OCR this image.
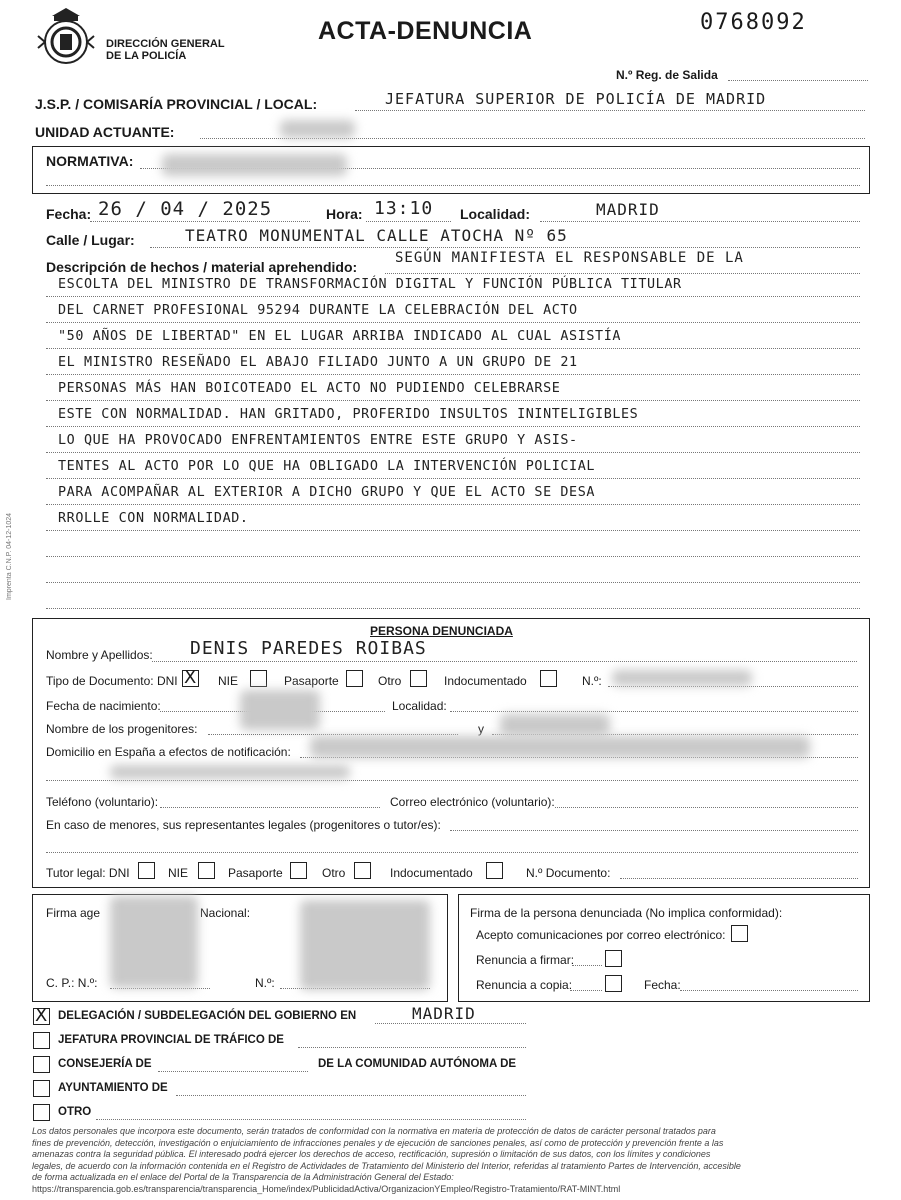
DIRECCIÓN GENERAL
DE LA POLICÍA
ACTA-DENUNCIA	0768092
N.º Reg. de Salida
J.S.P. / COMISARÍA PROVINCIAL / LOCAL:	JEFATURA SUPERIOR DE POLICÍA DE MADRID
UNIDAD ACTUANTE:
NORMATIVA:
Fecha: 26 / 04 / 2025	Hora: 13:10 Localidad:	MADRID
Calle / Lugar:	TEATRO MONUMENTAL CALLE ATOCHA Nº 65
Descripción de hechos / material aprehendido:
SEGÚN MANIFIESTA EL RESPONSABLE DE LA
ESCOLTA DEL MINISTRO DE TRANSFORMACIÓN DIGITAL Y FUNCIÓN PÚBLICA TITULAR
DEL CARNET PROFESIONAL 95294 DURANTE LA CELEBRACIÓN DEL ACTO
"50 AÑOS DE LIBERTAD" EN EL LUGAR ARRIBA INDICADO AL CUAL ASISTÍA
EL MINISTRO RESEÑADO EL ABAJO FILIADO JUNTO A UN GRUPO DE 21
PERSONAS MÁS HAN BOICOTEADO EL ACTO NO PUDIENDO CELEBRARSE
ESTE CON NORMALIDAD. HAN GRITADO, PROFERIDO INSULTOS ININTELIGIBLES
LO QUE HA PROVOCADO ENFRENTAMIENTOS ENTRE ESTE GRUPO Y ASIS-
TENTES AL ACTO POR LO QUE HA OBLIGADO LA INTERVENCIÓN POLICIAL
PARA ACOMPAÑAR AL EXTERIOR A DICHO GRUPO Y QUE EL ACTO SE DESA
RROLLE CON NORMALIDAD.
Imprenta C.N.P. 04-12-1024
PERSONA DENUNCIADA
Nombre y Apellidos: DENIS PAREDES ROIBAS
Tipo de Documento: DNI X NIE	Pasaporte	Otro	Indocumentado	N.º:
Fecha de nacimiento:	Localidad:
Nombre de los progenitores:	y
Domicilio en España a efectos de notificación:
Teléfono (voluntario):	Correo electrónico (voluntario):
En caso de menores, sus representantes legales (progenitores o tutor/es):
Tutor legal: DNI	NIE	Pasaporte	Otro	Indocumentado	N.º Documento:
Firma age	Nacional:
C. P.: N.º:	N.º:
Firma de la persona denunciada (No implica conformidad):
Acepto comunicaciones por correo electrónico:
Renuncia a firmar:
Renuncia a copia:	Fecha:
X DELEGACIÓN / SUBDELEGACIÓN DEL GOBIERNO EN	MADRID
JEFATURA PROVINCIAL DE TRÁFICO DE
CONSEJERÍA DE	DE LA COMUNIDAD AUTÓNOMA DE
AYUNTAMIENTO DE
OTRO
Los datos personales que incorpora este documento, serán tratados de conformidad con la normativa en materia de protección de datos de carácter personal tratados para
fines de prevención, detección, investigación o enjuiciamiento de infracciones penales y de ejecución de sanciones penales, así como de protección y prevención frente a las
amenazas contra la seguridad pública. El interesado podrá ejercer los derechos de acceso, rectificación, supresión o limitación de sus datos, con los límites y condiciones
legales, de acuerdo con la información contenida en el Registro de Actividades de Tratamiento del Ministerio del Interior, referidas al tratamiento Partes de Intervención, accesible
de forma actualizada en el enlace del Portal de la Transparencia de la Administración General del Estado:
https://transparencia.gob.es/transparencia/transparencia_Home/index/PublicidadActiva/OrganizacionYEmpleo/Registro-Tratamiento/RAT-MINT.html
